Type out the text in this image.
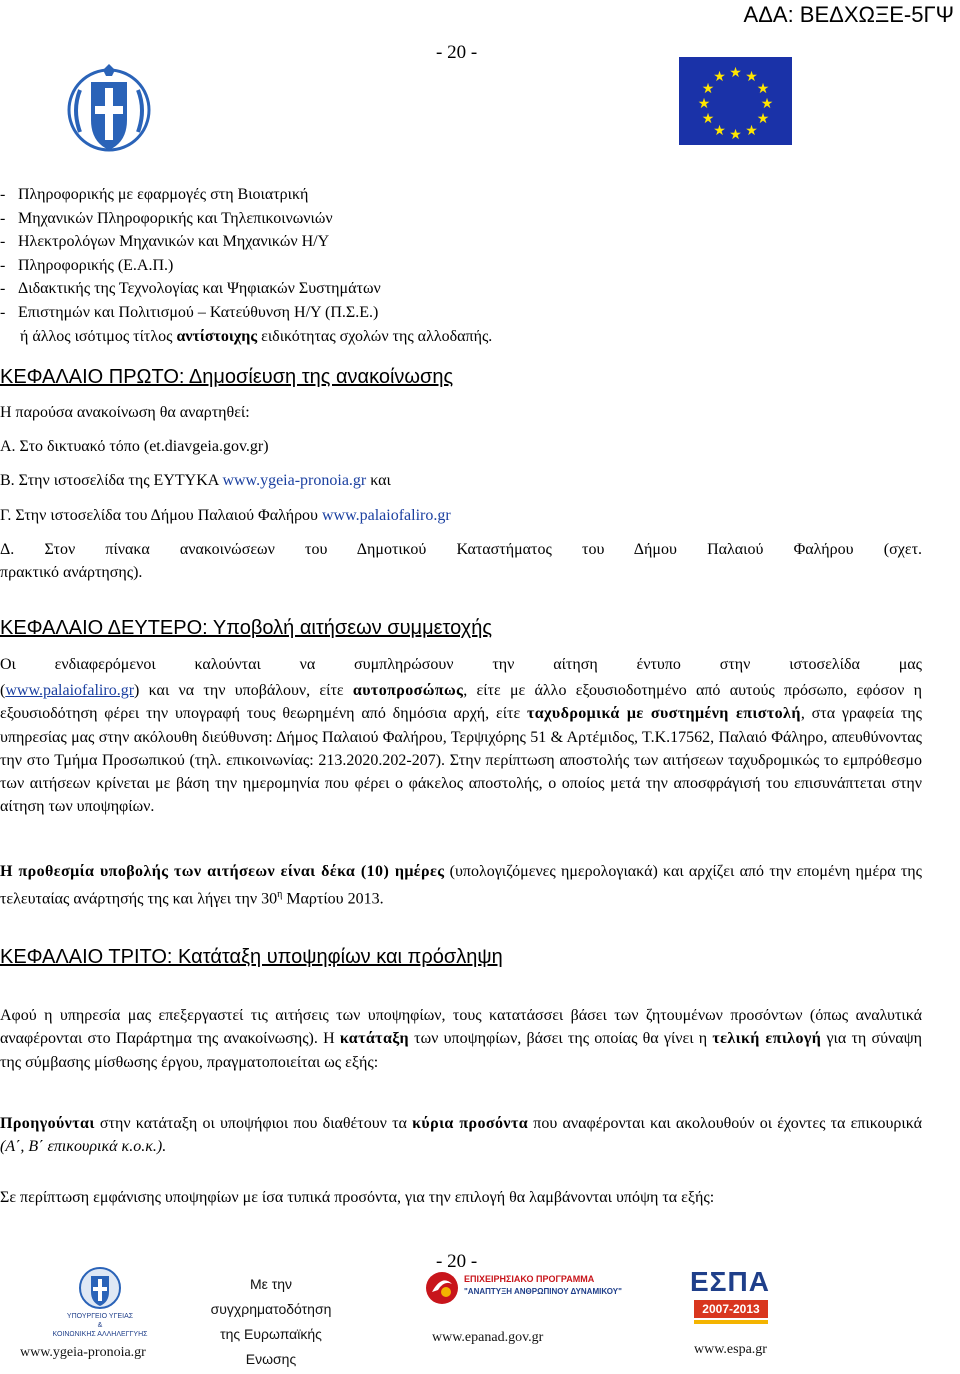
ΑΔΑ: ΒΕΔΧΩΞΕ-5ΓΨ
- 20 -
★ ★
★
★
★
★
★
★
★
★
★
★
- Πληροφορικής με εφαρμογές στη Βιοιατρική
- Μηχανικών Πληροφορικής και Τηλεπικοινωνιών
- Ηλεκτρολόγων Μηχανικών και Μηχανικών Η/Υ
- Πληροφορικής (Ε.Α.Π.)
- Διδακτικής της Τεχνολογίας και Ψηφιακών Συστημάτων
- Επιστημών και Πολιτισμού – Κατεύθυνση Η/Υ (Π.Σ.Ε.)
ή άλλος ισότιμος τίτλος αντίστοιχης ειδικότητας σχολών της αλλοδαπής.
ΚΕΦΑΛΑΙΟ ΠΡΩΤΟ: Δημοσίευση της ανακοίνωσης
Η παρούσα ανακοίνωση θα αναρτηθεί:
Α. Στο δικτυακό τόπο (et.diavgeia.gov.gr)
Β. Στην ιστοσελίδα της ΕΥΤΥΚΑ www.ygeia-pronoia.gr και
Γ. Στην ιστοσελίδα του Δήμου Παλαιού Φαλήρου www.palaiofaliro.gr
Δ. Στον πίνακα ανακοινώσεων του Δημοτικού Καταστήματος του Δήμου Παλαιού Φαλήρου (σχετ.
πρακτικό ανάρτησης).
ΚΕΦΑΛΑΙΟ ΔΕΥΤΕΡΟ: Υποβολή αιτήσεων συμμετοχής
Οι ενδιαφερόμενοι καλούνται να συμπληρώσουν την αίτηση έντυπο στην ιστοσελίδα μας
(www.palaiofaliro.gr) και να την υποβάλουν, είτε αυτοπροσώπως, είτε με άλλο εξουσιοδοτημένο από αυτούς πρόσωπο, εφόσον η εξουσιοδότηση φέρει την υπογραφή τους θεωρημένη από δημόσια αρχή, είτε ταχυδρομικά με συστημένη επιστολή, στα γραφεία της υπηρεσίας μας στην ακόλουθη διεύθυνση: Δήμος Παλαιού Φαλήρου, Τερψιχόρης 51 & Αρτέμιδος, Τ.Κ.17562, Παλαιό Φάληρο, απευθύνοντας την στο Τμήμα Προσωπικού (τηλ. επικοινωνίας: 213.2020.202-207). Στην περίπτωση αποστολής των αιτήσεων ταχυδρομικώς το εμπρόθεσμο των αιτήσεων κρίνεται με βάση την ημερομηνία που φέρει ο φάκελος αποστολής, ο οποίος μετά την αποσφράγισή του επισυνάπτεται στην αίτηση των υποψηφίων.
Η προθεσμία υποβολής των αιτήσεων είναι δέκα (10) ημέρες (υπολογιζόμενες ημερολογιακά) και αρχίζει από την επομένη ημέρα της τελευταίας ανάρτησής της και λήγει την $30^\eta$ Μαρτίου 2013.
ΚΕΦΑΛΑΙΟ ΤΡΙΤΟ: Κατάταξη υποψηφίων και πρόσληψη
Αφού η υπηρεσία μας επεξεργαστεί τις αιτήσεις των υποψηφίων, τους κατατάσσει βάσει των ζητουμένων προσόντων (όπως αναλυτικά αναφέρονται στο Παράρτημα της ανακοίνωσης). Η κατάταξη των υποψηφίων, βάσει της οποίας θα γίνει η τελική επιλογή για τη σύναψη της σύμβασης μίσθωσης έργου, πραγματοποιείται ως εξής:
Προηγούνται στην κατάταξη οι υποψήφιοι που διαθέτουν τα κύρια προσόντα που αναφέρονται και ακολουθούν οι έχοντες τα επικουρικά (Α΄, Β΄ επικουρικά κ.ο.κ.).
Σε περίπτωση εμφάνισης υποψηφίων με ίσα τυπικά προσόντα, για την επιλογή θα λαμβάνονται υπόψη τα εξής:
- 20 -
ΥΠΟΥΡΓΕΙΟ ΥΓΕΙΑΣ
&
ΚΟΙΝΩΝΙΚΗΣ ΑΛΛΗΛΕΓΓΥΗΣ
www.ygeia-pronoia.gr
Με την
συγχρηματοδότηση
της Ευρωπαϊκής
Ενωσης
ΕΠΙΧΕΙΡΗΣΙΑΚΟ ΠΡΟΓΡΑΜΜΑ
"ΑΝΑΠΤΥΞΗ ΑΝΘΡΩΠΙΝΟΥ ΔΥΝΑΜΙΚΟΥ"
www.epanad.gov.gr
ΕΣΠΑ
2007-2013
www.espa.gr
